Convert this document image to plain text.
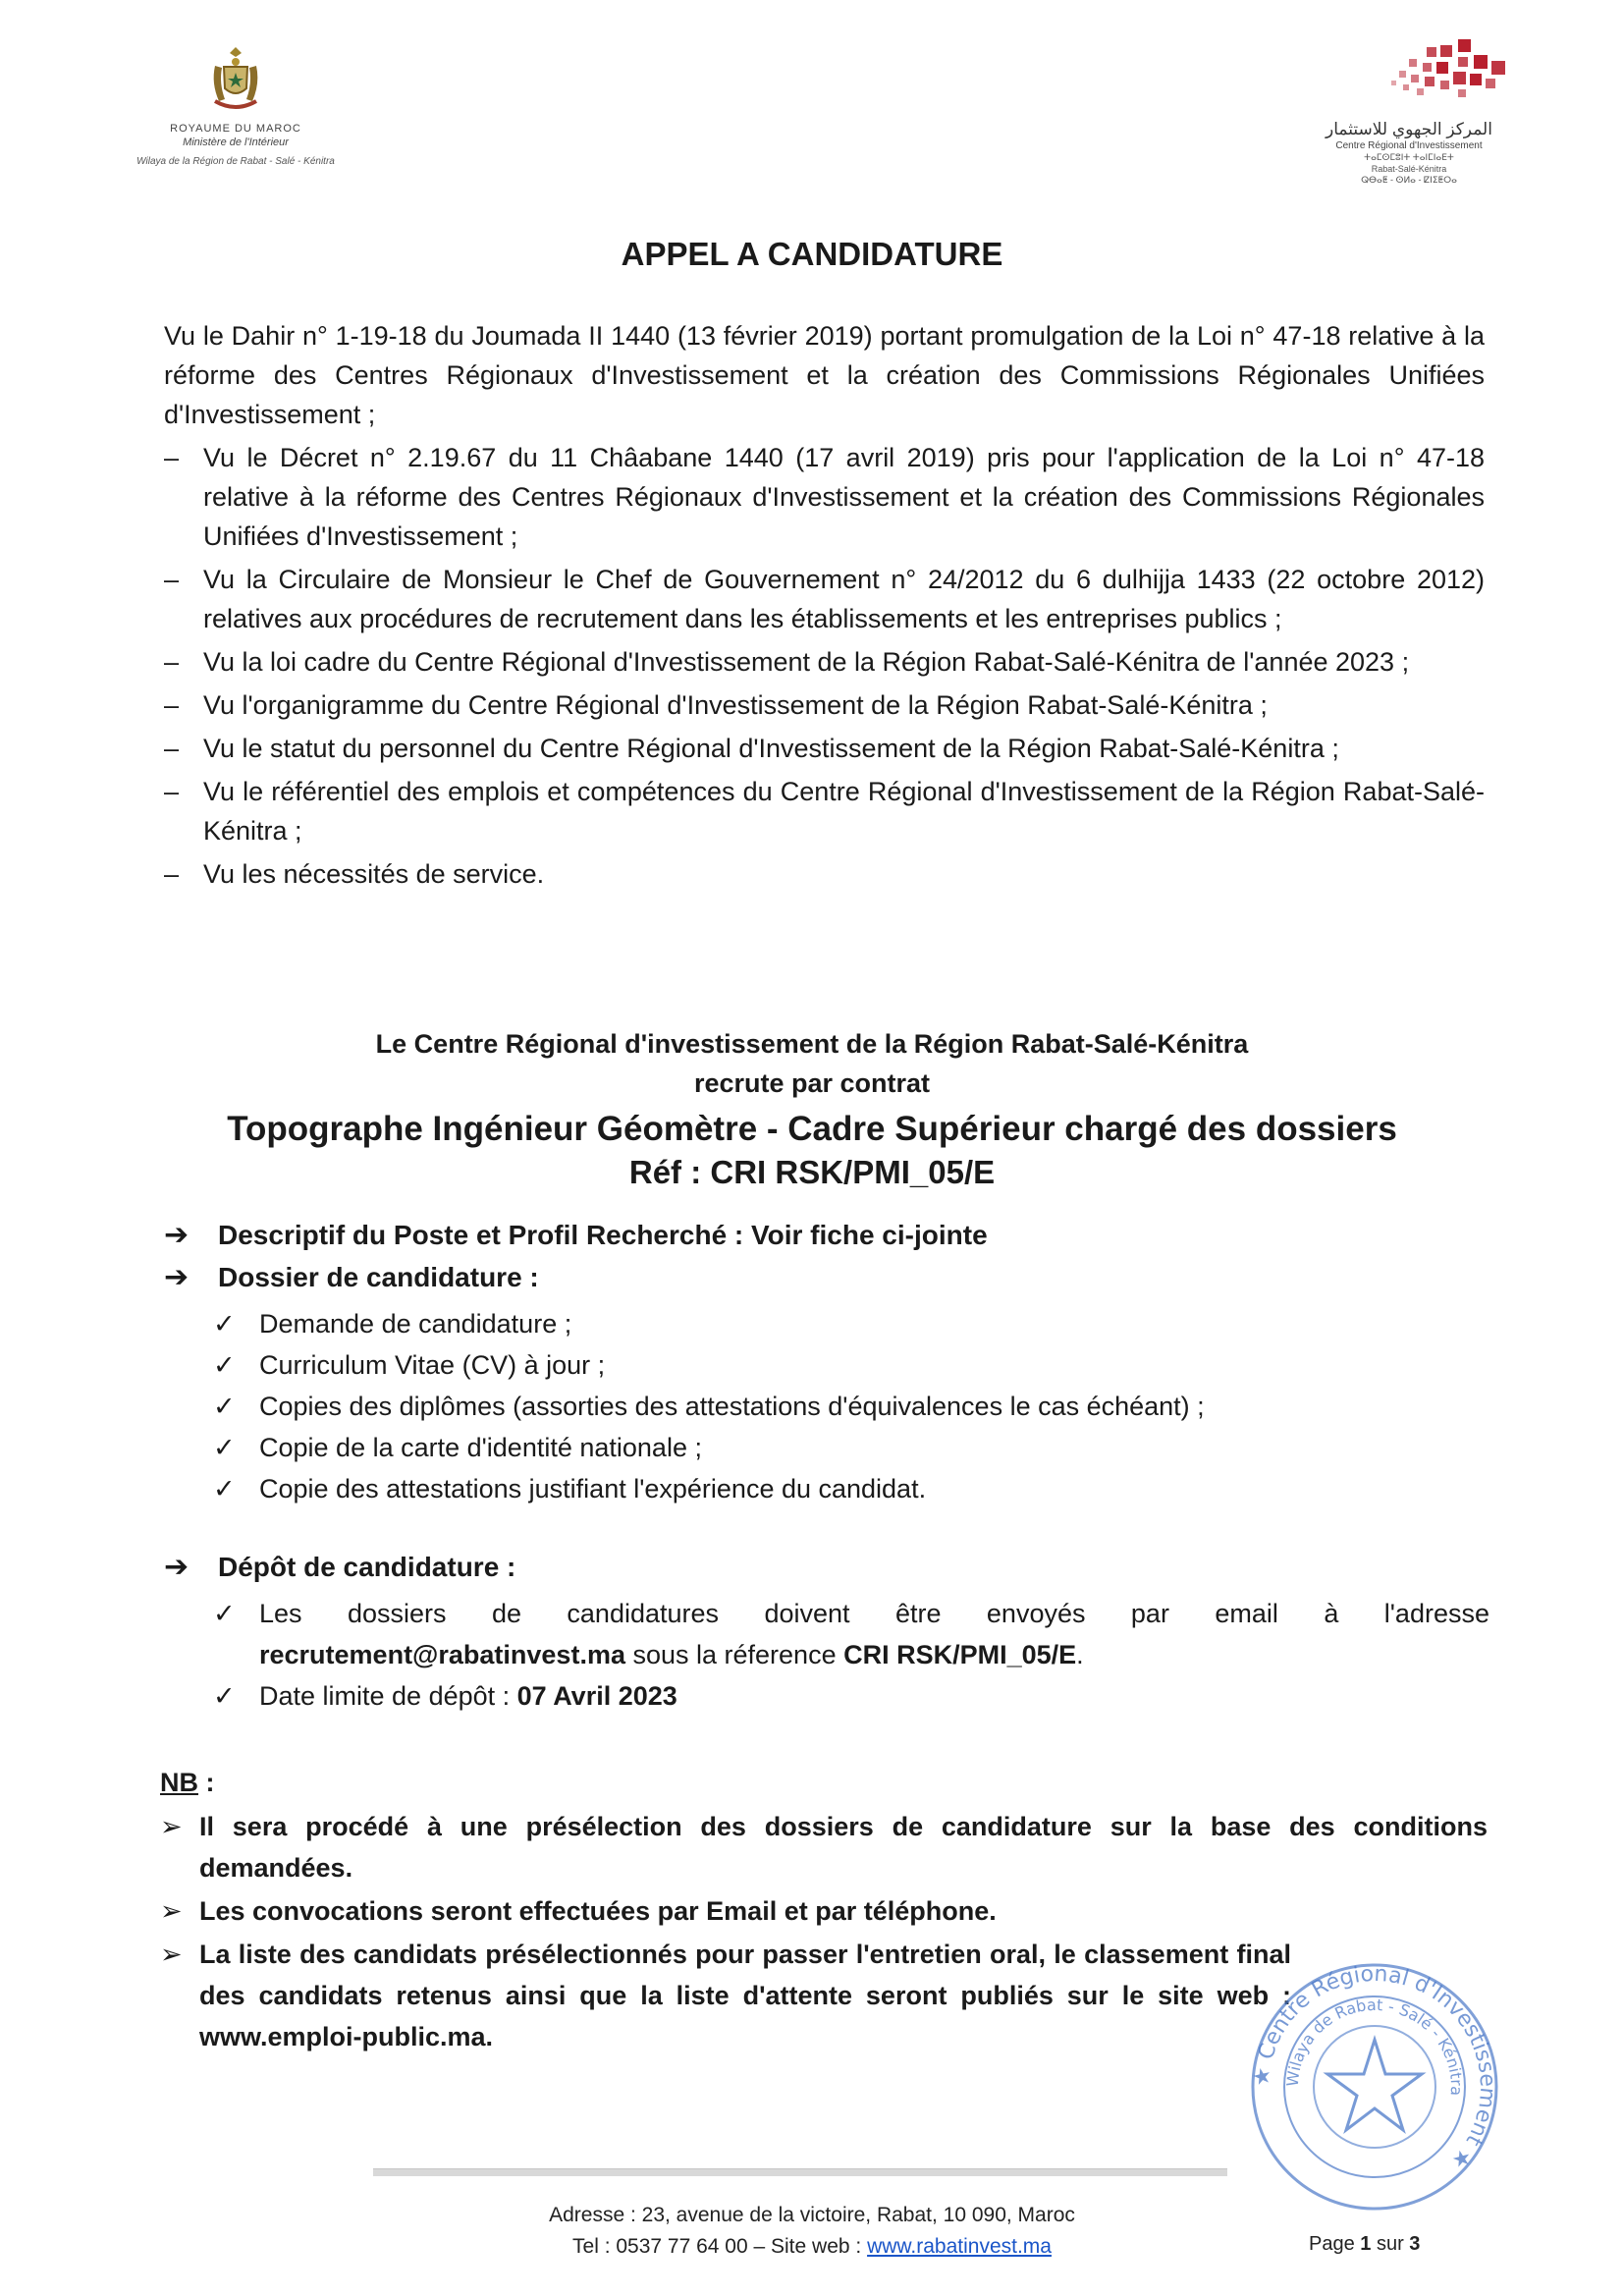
ROYAUME DU MAROC
Ministère de l'Intérieur
Wilaya de la Région de Rabat - Salé - Kénitra
المركز الجهوي للاستثمار
Centre Régional d'Investissement
ⵜⴰⵎⵙⵎⵓⵏⵜ ⵜⴰⵏⵎⵏⴰⴹⵜ
Rabat-Salé-Kénitra
ⵕⴱⴰⵟ - ⵙⵍⴰ - ⵇⵏⵉⵟⵔⴰ
APPEL A CANDIDATURE
Vu le Dahir n° 1-19-18 du Joumada II 1440 (13 février 2019) portant promulgation de la Loi n° 47-18 relative à la réforme des Centres Régionaux d'Investissement et la création des Commissions Régionales Unifiées d'Investissement ;
– Vu le Décret n° 2.19.67 du 11 Châabane 1440 (17 avril 2019) pris pour l'application de la Loi n° 47-18 relative à la réforme des Centres Régionaux d'Investissement et la création des Commissions Régionales Unifiées d'Investissement ;
– Vu la Circulaire de Monsieur le Chef de Gouvernement n° 24/2012 du 6 dulhijja 1433 (22 octobre 2012) relatives aux procédures de recrutement dans les établissements et les entreprises publics ;
– Vu la loi cadre du Centre Régional d'Investissement de la Région Rabat-Salé-Kénitra de l'année 2023 ;
– Vu l'organigramme du Centre Régional d'Investissement de la Région Rabat-Salé-Kénitra ;
– Vu le statut du personnel du Centre Régional d'Investissement de la Région Rabat-Salé-Kénitra ;
– Vu le référentiel des emplois et compétences du Centre Régional d'Investissement de la Région Rabat-Salé-Kénitra ;
– Vu les nécessités de service.
Le Centre Régional d'investissement de la Région Rabat-Salé-Kénitra
recrute par contrat
Topographe Ingénieur Géomètre - Cadre Supérieur chargé des dossiers
Réf : CRI RSK/PMI_05/E
➔ Descriptif du Poste et Profil Recherché : Voir fiche ci-jointe
➔ Dossier de candidature :
✓ Demande de candidature ;
✓ Curriculum Vitae (CV) à jour ;
✓ Copies des diplômes (assorties des attestations d'équivalences le cas échéant) ;
✓ Copie de la carte d'identité nationale ;
✓ Copie des attestations justifiant l'expérience du candidat.
➔ Dépôt de candidature :
✓ Les dossiers de candidatures doivent être envoyés par email à l'adresse
recrutement@rabatinvest.ma sous la réference CRI RSK/PMI_05/E.
✓ Date limite de dépôt : 07 Avril 2023
NB :
➢ Il sera procédé à une présélection des dossiers de candidature sur la base des conditions demandées.
➢ Les convocations seront effectuées par Email et par téléphone.
➢ La liste des candidats présélectionnés pour passer l'entretien oral, le classement final des candidats retenus ainsi que la liste d'attente seront publiés sur le site web : www.emploi-public.ma.
★ Centre Régional d'Investissement ★
Wilaya de Rabat - Salé - Kénitra
Adresse : 23, avenue de la victoire, Rabat, 10 090, Maroc
Tel : 0537 77 64 00 – Site web : www.rabatinvest.ma	Page 1 sur 3
